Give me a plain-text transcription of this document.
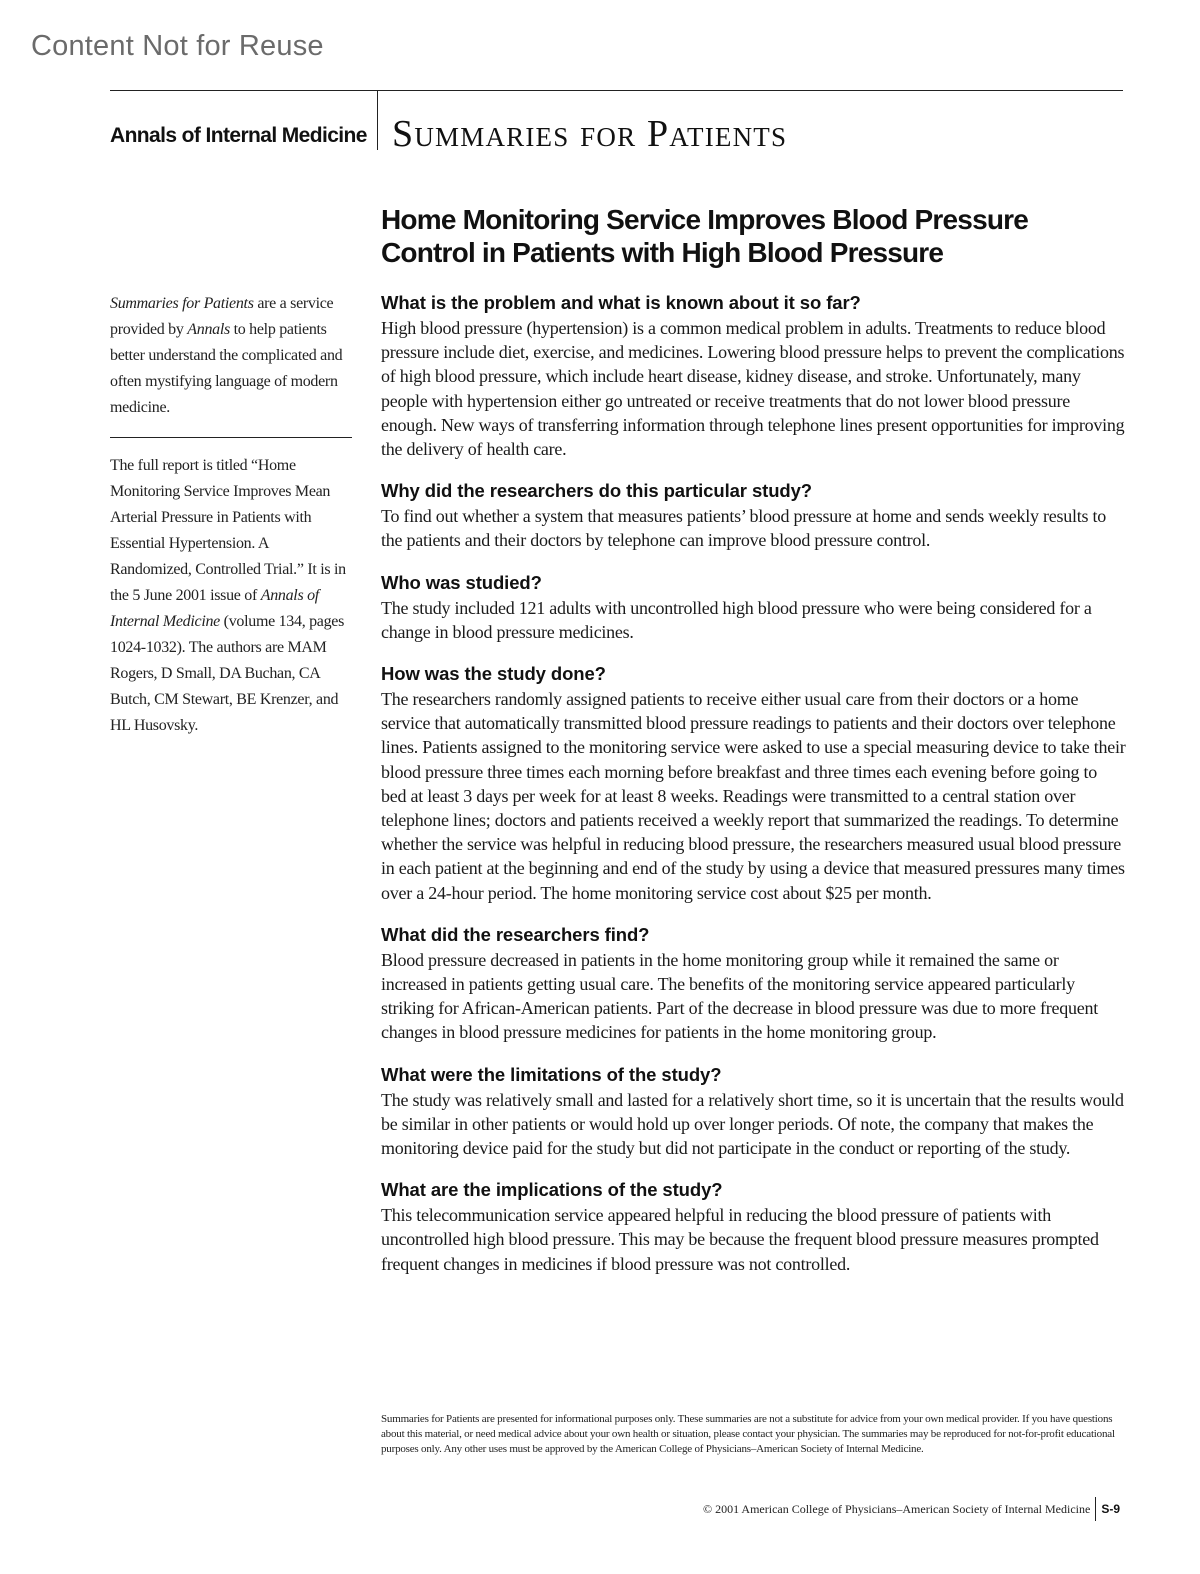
Content Not for Reuse
Annals of Internal Medicine Summaries for Patients
Home Monitoring Service Improves Blood Pressure Control in Patients with High Blood Pressure

Summaries for Patients are a service provided by Annals to help patients better understand the complicated and often mystifying language of modern medicine.

The full report is titled “Home Monitoring Service Improves Mean Arterial Pressure in Patients with Essential Hypertension. A Randomized, Controlled Trial.” It is in the 5 June 2001 issue of Annals of Internal Medicine (volume 134, pages 1024-1032). The authors are MAM Rogers, D Small, DA Buchan, CA Butch, CM Stewart, BE Krenzer, and HL Husovsky.

What is the problem and what is known about it so far?

High blood pressure (hypertension) is a common medical problem in adults. Treatments to reduce blood pressure include diet, exercise, and medicines. Lowering blood pressure helps to prevent the complications of high blood pressure, which include heart disease, kidney disease, and stroke. Unfortunately, many people with hypertension either go untreated or receive treatments that do not lower blood pressure enough. New ways of transferring information through telephone lines present opportunities for improving the delivery of health care.

Why did the researchers do this particular study?

To find out whether a system that measures patients’ blood pressure at home and sends weekly results to the patients and their doctors by telephone can improve blood pressure control.

Who was studied?

The study included 121 adults with uncontrolled high blood pressure who were being considered for a change in blood pressure medicines.

How was the study done?

The researchers randomly assigned patients to receive either usual care from their doctors or a home service that automatically transmitted blood pressure readings to patients and their doctors over telephone lines. Patients assigned to the monitoring service were asked to use a special measuring device to take their blood pressure three times each morning before breakfast and three times each evening before going to bed at least 3 days per week for at least 8 weeks. Readings were transmitted to a central station over telephone lines; doctors and patients received a weekly report that summarized the readings. To determine whether the service was helpful in reducing blood pressure, the researchers measured usual blood pressure in each patient at the beginning and end of the study by using a device that measured pressures many times over a 24-hour period. The home monitoring service cost about $25 per month.

What did the researchers find?

Blood pressure decreased in patients in the home monitoring group while it remained the same or increased in patients getting usual care. The benefits of the monitoring service appeared particularly striking for African-American patients. Part of the decrease in blood pressure was due to more frequent changes in blood pressure medicines for patients in the home monitoring group.

What were the limitations of the study?

The study was relatively small and lasted for a relatively short time, so it is uncertain that the results would be similar in other patients or would hold up over longer periods. Of note, the company that makes the monitoring device paid for the study but did not participate in the conduct or reporting of the study.

What are the implications of the study?

This telecommunication service appeared helpful in reducing the blood pressure of patients with uncontrolled high blood pressure. This may be because the frequent blood pressure measures prompted frequent changes in medicines if blood pressure was not controlled.

Summaries for Patients are presented for informational purposes only. These summaries are not a substitute for advice from your own medical provider. If you have questions about this material, or need medical advice about your own health or situation, please contact your physician. The summaries may be reproduced for not-for-profit educational purposes only. Any other uses must be approved by the American College of Physicians–American Society of Internal Medicine.

© 2001 American College of Physicians–American Society of Internal Medicine S-9
